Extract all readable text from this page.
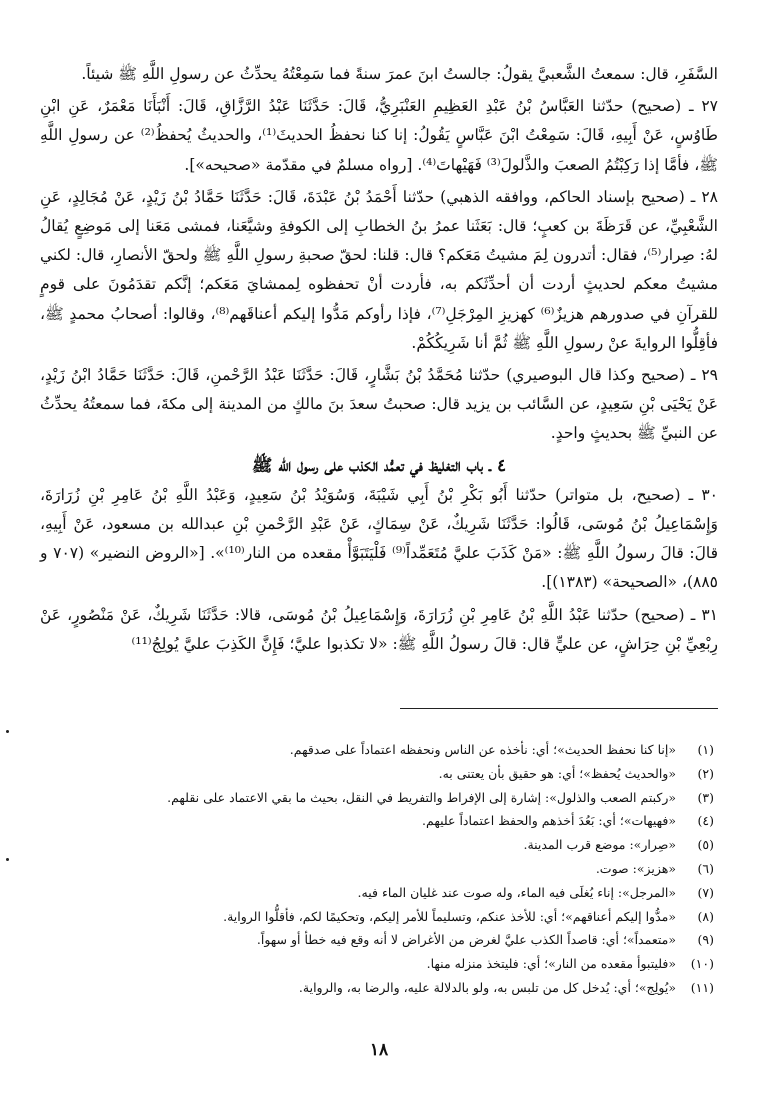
السَّفَرِ، قال: سمعتُ الشَّعبيَّ يقولُ: جالستُ ابنَ عمرَ سنةً فما سَمِعْتُهُ يحدِّثُ عن رسولِ اللَّهِ ﷺ شيئاً.

٢٧ ـ (صحيح) حدّثنا العَبَّاسُ بْنُ عَبْدِ العَظِيمِ العَنْبَرِيُّ، قَالَ: حَدَّثَنَا عَبْدُ الرَّزَّاقِ، قَالَ: أَنْبَأَنَا مَعْمَرٌ، عَنِ ابْنِ طَاوُسٍ، عَنْ أَبِيهِ، قَالَ: سَمِعْتُ ابْنَ عَبَّاسٍ يَقُولُ: إنا كنا نحفظُ الحديثَ⁽¹⁾، والحديثُ يُحفظُ⁽²⁾ عن رسولِ اللَّهِ ﷺ، فأمَّا إذا رَكِبْتُمُ الصعبَ والذَّلولَ⁽³⁾ فَهَيْهاتَ⁽⁴⁾. [رواه مسلمٌ في مقدّمة «صحيحه»].

٢٨ ـ (صحيح بإسناد الحاكم، ووافقه الذهبي) حدّثنا أَحْمَدُ بْنُ عَبْدَةَ، قَالَ: حَدَّثَنَا حَمَّادُ بْنُ زَيْدٍ، عَنْ مُجَالِدٍ، عَنِ الشَّعْبِيِّ، عن قَرَظَةَ بن كعبٍ؛ قال: بَعَثَنا عمرُ بنُ الخطابِ إلى الكوفةِ وشيَّعَنا، فمشى مَعَنا إلى مَوضِعٍ يُقالُ لهُ: صِرار⁽⁵⁾، فقال: أتدرون لِمَ مشيتُ مَعَكم؟ قال: قلنا: لحقّ صحبةِ رسولِ اللَّهِ ﷺ ولحقّ الأنصارِ، قال: لكني مشيتُ معكم لحديثٍ أردت أن أحدِّثَكم به، فأردت أنْ تحفظوه لِممشايَ مَعَكم؛ إنَّكم تقدَمُونَ على قومٍ للقرآنِ في صدورهم هزيزٌ⁽⁶⁾ كهزيزِ المِرْجَلِ⁽⁷⁾، فإذا رأوكم مَدُّوا إليكم أعناقَهم⁽⁸⁾، وقالوا: أصحابُ محمدٍ ﷺ، فأقِلُّوا الروايةَ عنْ رسولِ اللَّهِ ﷺ ثُمَّ أنا شَرِيكُكُمْ.

٢٩ ـ (صحيح وكذا قال البوصيري) حدّثنا مُحَمَّدُ بْنُ بَشَّارٍ، قَالَ: حَدَّثَنَا عَبْدُ الرَّحْمنِ، قَالَ: حَدَّثَنَا حَمَّادُ ابْنُ زَيْدٍ، عَنْ يَحْيَى بْنِ سَعِيدٍ، عن السَّائب بن يزيد قال: صحبتُ سعدَ بنَ مالكٍ من المدينة إلى مكةَ، فما سمعتُهُ يحدِّثُ عن النبيِّ ﷺ بحديثٍ واحدٍ.

٤ ـ باب التغليظ في تعمُّد الكذب على رسول الله ﷺ

٣٠ ـ (صحيح، بل متواتر) حدّثنا أَبُو بَكْرِ بْنُ أَبِي شَيْبَةَ، وَسُوَيْدُ بْنُ سَعِيدٍ، وَعَبْدُ اللَّهِ بْنُ عَامِرِ بْنِ زُرَارَةَ، وَإِسْمَاعِيلُ بْنُ مُوسَى، قَالُوا: حَدَّثَنَا شَرِيكٌ، عَنْ سِمَاكٍ، عَنْ عَبْدِ الرَّحْمنِ بْنِ عبدالله بن مسعود، عَنْ أَبِيهِ، قالَ: قالَ رسولُ اللَّهِ ﷺ: «مَنْ كَذَبَ عليَّ مُتَعَمِّداً⁽⁹⁾ فَلْيَتَبَوَّأْ مقعده من النار⁽¹⁰⁾». [«الروض النضير» (٧٠٧ و ٨٨٥)، «الصحيحة» (١٣٨٣)].

٣١ ـ (صحيح) حدّثنا عَبْدُ اللَّهِ بْنُ عَامِرِ بْنِ زُرَارَةَ، وَإِسْمَاعِيلُ بْنُ مُوسَى، قالا: حَدَّثَنَا شَرِيكٌ، عَنْ مَنْصُورٍ، عَنْ رِبْعِيِّ بْنِ حِرَاشٍ، عن عليٍّ قال: قالَ رسولُ اللَّهِ ﷺ: «لا تكذبوا عليَّ؛ فَإِنَّ الكَذِبَ عليَّ يُولِجُ⁽¹¹⁾

(١)
«إنا كنا نحفظ الحديث»؛ أي: نأخذه عن الناس ونحفظه اعتماداً على صدقهم.
(٢)
«والحديث يُحفظ»؛ أي: هو حقيق بأن يعتنى به.
(٣)
«ركبتم الصعب والذلول»: إشارة إلى الإفراط والتفريط في النقل، بحيث ما بقي الاعتماد على نقلهم.
(٤)
«فهيهات»؛ أي: بَعُدَ أخذهم والحفظ اعتماداً عليهم.
(٥)
«صِرار»: موضع قرب المدينة.
(٦)
«هزيز»: صوت.
(٧)
«المرجل»: إناء يُغلَى فيه الماء، وله صوت عند غليان الماء فيه.
(٨)
«مدُّوا إليكم أعناقهم»؛ أي: للأخذ عنكم، وتسليماً للأمر إليكم، وتحكيمًا لكم، فأقلُّوا الرواية.
(٩)
«متعمداً»؛ أي: قاصداً الكذب عليَّ لغرض من الأغراض لا أنه وقع فيه خطأ أو سهواً.
(١٠)
«فليتبوأ مقعده من النار»؛ أي: فليتخذ منزله منها.
(١١)
«يُولِج»؛ أي: يُدخل كل من تلبس به، ولو بالدلالة عليه، والرضا به، والرواية.
١٨
